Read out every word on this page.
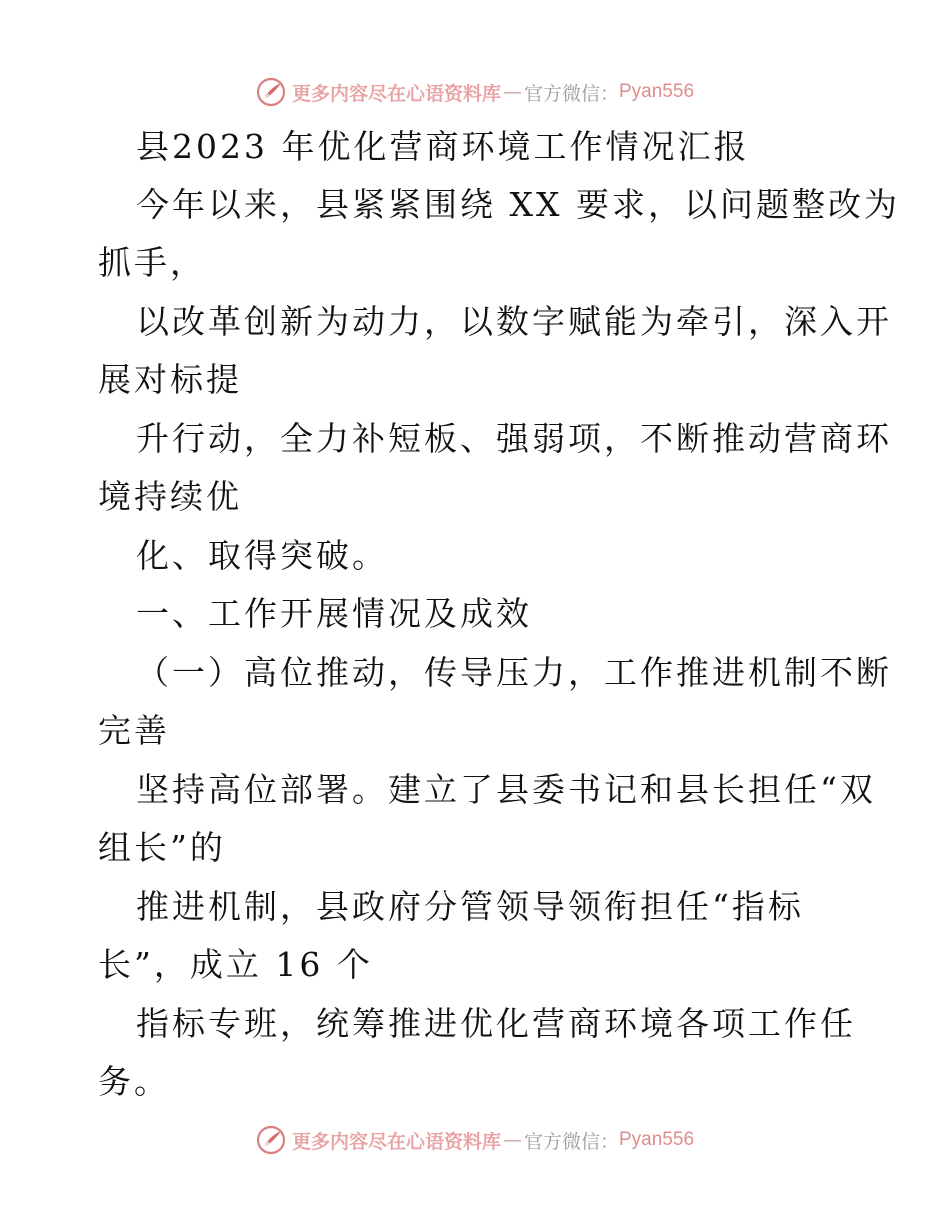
更多内容尽在心语资料库 — 官方微信： Pyan556
县2023 年优化营商环境工作情况汇报
今年以来，县紧紧围绕 XX 要求，以问题整改为
抓手，
以改革创新为动力，以数字赋能为牵引，深入开
展对标提
升行动，全力补短板、强弱项，不断推动营商环
境持续优
化、取得突破。
一、工作开展情况及成效
（一）高位推动，传导压力，工作推进机制不断
完善
坚持高位部署。建立了县委书记和县长担任“双
组长”的
推进机制，县政府分管领导领衔担任“指标
长”，成立 16 个
指标专班，统筹推进优化营商环境各项工作任
务。
更多内容尽在心语资料库 — 官方微信： Pyan556
